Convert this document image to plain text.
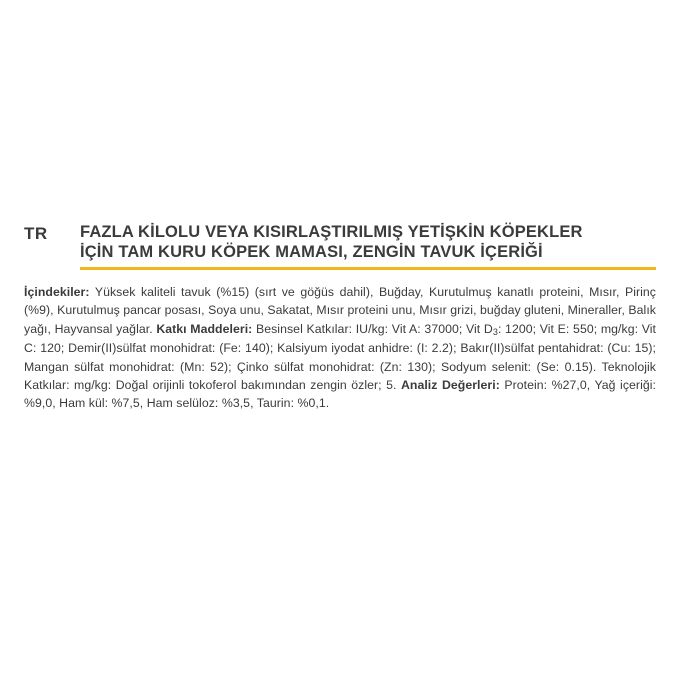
TR	FAZLA KİLOLU VEYA KISIRLAŞTIRILMIŞ YETİŞKİN KÖPEKLER
İÇİN TAM KURU KÖPEK MAMASI, ZENGİN TAVUK İÇERİĞİ
İçindekiler: Yüksek kaliteli tavuk (%15) (sırt ve göğüs dahil), Buğday, Kurutulmuş kanatlı proteini, Mısır, Pirinç (%9), Kurutulmuş pancar posası, Soya unu, Sakatat, Mısır proteini unu, Mısır grizi, buğday gluteni, Mineraller, Balık yağı, Hayvansal yağlar. Katkı Maddeleri: Besinsel Katkılar: IU/kg: Vit A: 37000; Vit $D_3$: 1200; Vit E: 550; mg/kg: Vit C: 120; Demir(II)sülfat monohidrat: (Fe: 140); Kalsiyum iyodat anhidre: (I: 2.2); Bakır(II)sülfat pentahidrat: (Cu: 15); Mangan sülfat monohidrat: (Mn: 52); Çinko sülfat monohidrat: (Zn: 130); Sodyum selenit: (Se: 0.15). Teknolojik Katkılar: mg/kg: Doğal orijinli tokoferol bakımından zengin özler; 5. Analiz Değerleri: Protein: %27,0, Yağ içeriği: %9,0, Ham kül: %7,5, Ham selüloz: %3,5, Taurin: %0,1.
